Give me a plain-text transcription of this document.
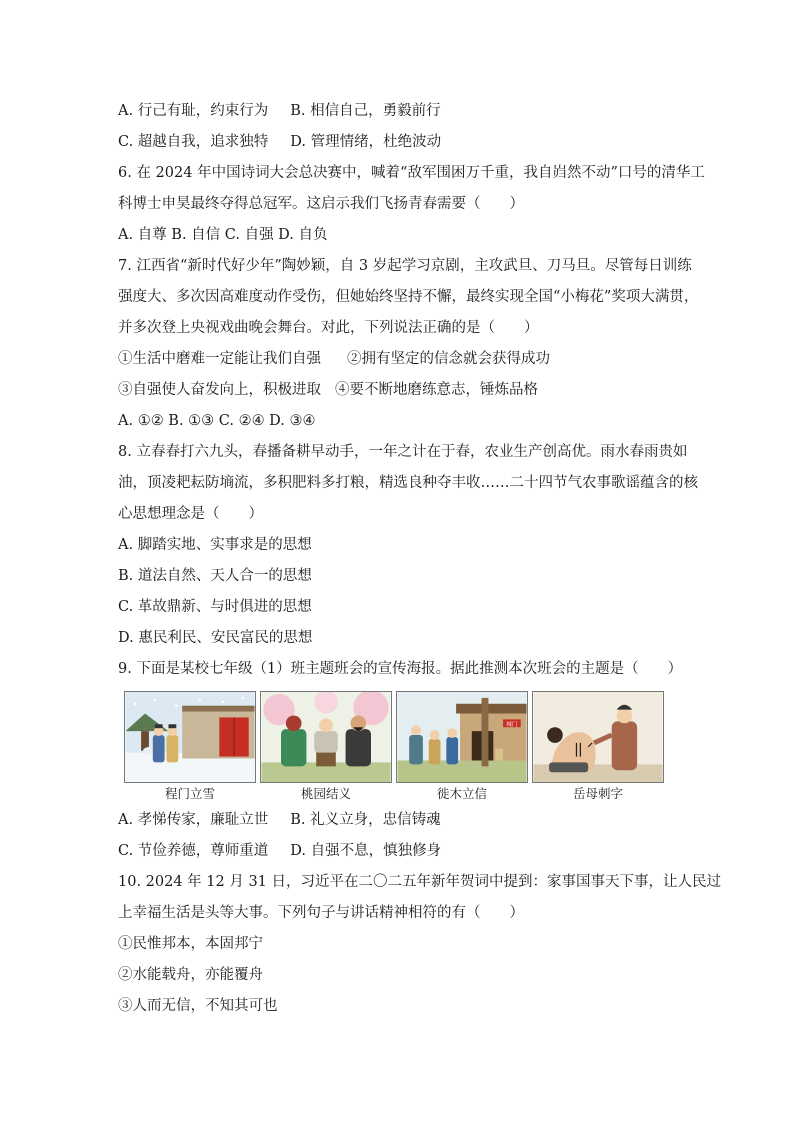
A. 行己有耻，约束行为 B. 相信自己，勇毅前行
C. 超越自我，追求独特 D. 管理情绪，杜绝波动
6. 在 2024 年中国诗词大会总决赛中，喊着“敌军围困万千重，我自岿然不动”口号的清华工
科博士申昊最终夺得总冠军。这启示我们飞扬青春需要（　　）
A. 自尊 B. 自信 C. 自强 D. 自负
7. 江西省“新时代好少年”陶妙颖，自 3 岁起学习京剧，主攻武旦、刀马旦。尽管每日训练
强度大、多次因高难度动作受伤，但她始终坚持不懈，最终实现全国“小梅花”奖项大满贯，
并多次登上央视戏曲晚会舞台。对此，下列说法正确的是（　　）
①生活中磨难一定能让我们自强 ②拥有坚定的信念就会获得成功
③自强使人奋发向上，积极进取 ④要不断地磨练意志，锤炼品格
A. ①② B. ①③ C. ②④ D. ③④
8. 立春春打六九头，春播备耕早动手，一年之计在于春，农业生产创高优。雨水春雨贵如
油，顶凌耙耘防墒流，多积肥料多打粮，精选良种夺丰收……二十四节气农事歌谣蕴含的核
心思想理念是（　　）
A. 脚踏实地、实事求是的思想
B. 道法自然、天人合一的思想
C. 革故鼎新、与时俱进的思想
D. 惠民利民、安民富民的思想
9. 下面是某校七年级（1）班主题班会的宣传海报。据此推测本次班会的主题是（　　）
程门立雪	桃园结义
城门
徙木立信	岳母刺字
A. 孝悌传家，廉耻立世 B. 礼义立身，忠信铸魂
C. 节俭养德，尊师重道 D. 自强不息，慎独修身
10. 2024 年 12 月 31 日，习近平在二〇二五年新年贺词中提到：家事国事天下事，让人民过
上幸福生活是头等大事。下列句子与讲话精神相符的有（　　）
①民惟邦本，本固邦宁
②水能载舟，亦能覆舟
③人而无信，不知其可也
